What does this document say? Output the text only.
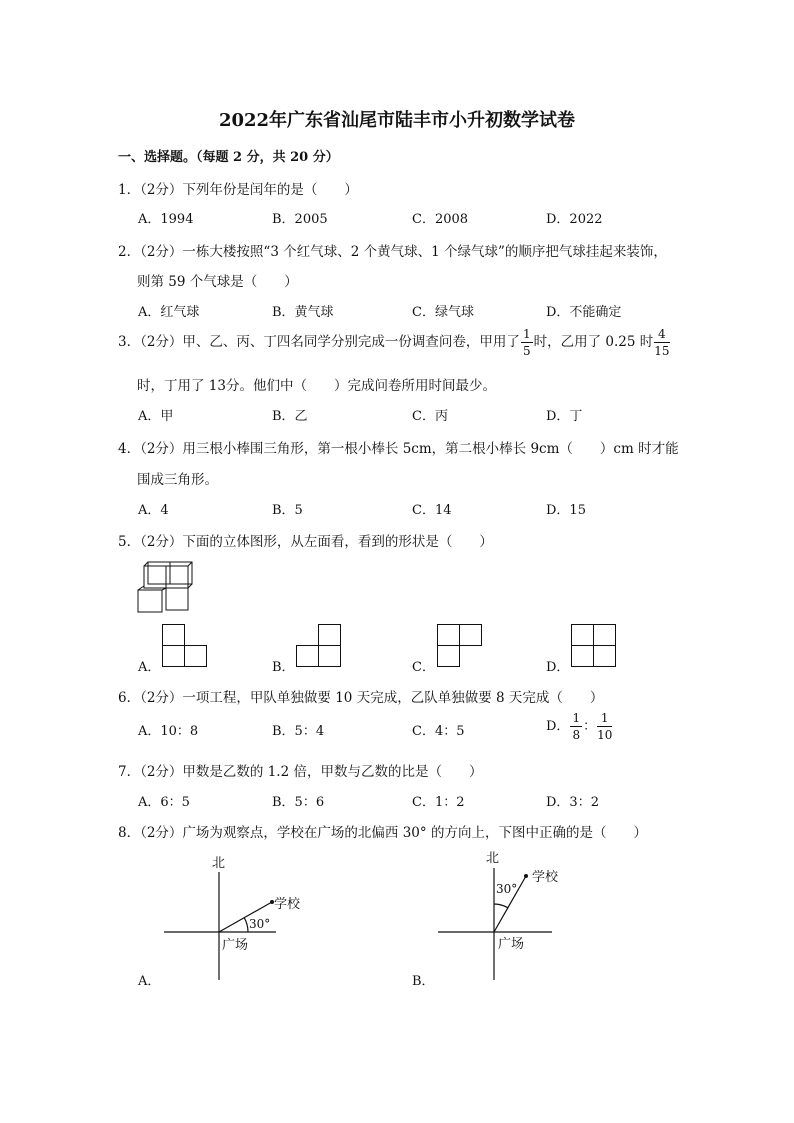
2022年广东省汕尾市陆丰市小升初数学试卷
一、选择题。（每题 2 分，共 20 分）
1．（2分）下列年份是闰年的是（　　）
A．1994	B．2005	C．2008	D．2022
2．（2分）一栋大楼按照“3 个红气球、2 个黄气球、1 个绿气球”的顺序把气球挂起来装饰，
则第 59 个气球是（　　）
A．红气球	B．黄气球	C．绿气球	D．不能确定
3．（2分）甲、乙、丙、丁四名同学分别完成一份调查问卷，甲用了 $\frac{1}{5}$ 时，乙用了 0.25 时 $\frac{4}{15}$
时，丁用了 13分。他们中（　　）完成问卷所用时间最少。
A．甲	B．乙	C．丙	D．丁
4．（2分）用三根小棒围三角形，第一根小棒长 5cm，第二根小棒长 9cm（　　）cm 时才能
围成三角形。
A．4	B．5	C．14	D．15
5．（2分）下面的立体图形，从左面看，看到的形状是（　　）
A．	B．	C．	D．
6．（2分）一项工程，甲队单独做要 10 天完成，乙队单独做要 8 天完成（　　）
A．10：8	B．5：4	C．4：5	D． $\frac{1}{8}$ ： $\frac{1}{10}$
7．（2分）甲数是乙数的 1.2 倍，甲数与乙数的比是（　　）
A．6：5	B．5：6	C．1：2	D．3：2
8．（2分）广场为观察点，学校在广场的北偏西 30° 的方向上，下图中正确的是（　　）
北
学校
30°
广场
A．
北
学校
30°
广场
B．
